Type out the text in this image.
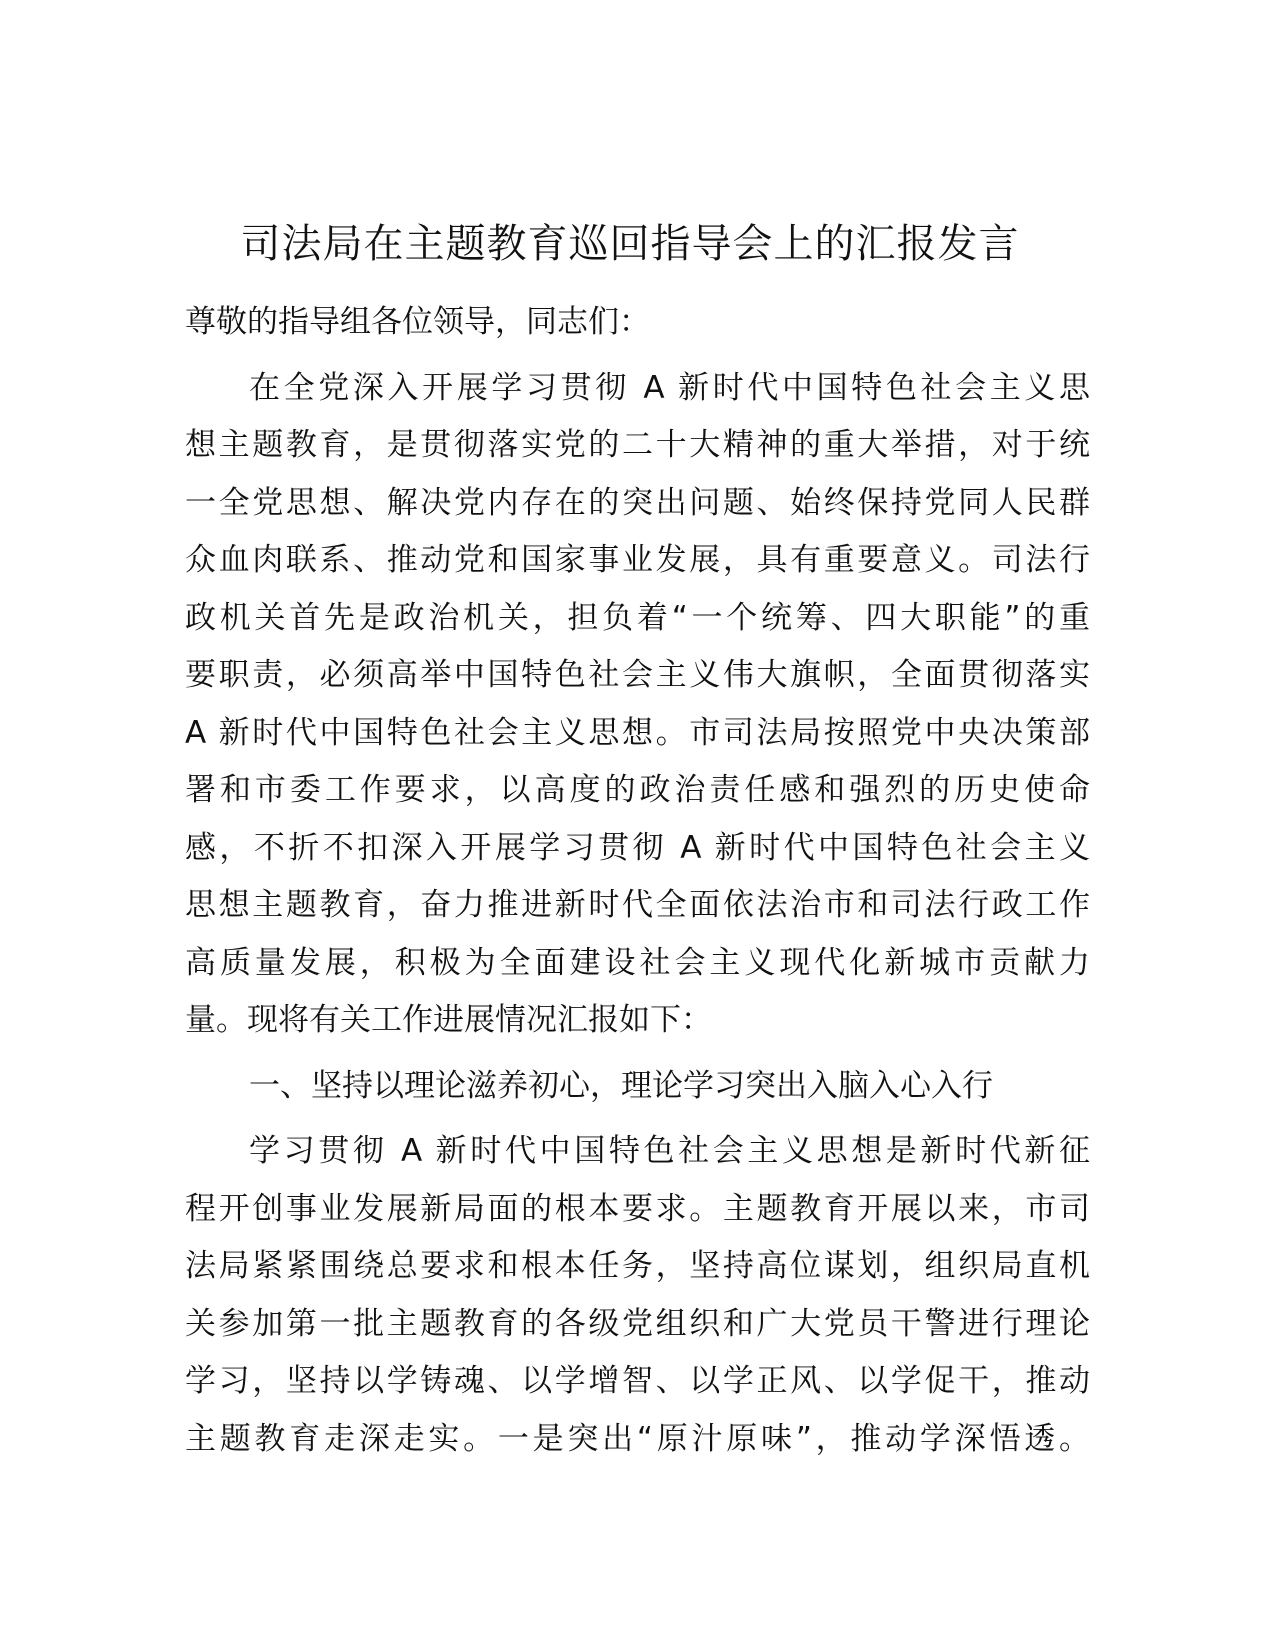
司法局在主题教育巡回指导会上的汇报发言
尊敬的指导组各位领导，同志们：
在全党深入开展学习贯彻 A 新时代中国特色社会主义思
想主题教育，是贯彻落实党的二十大精神的重大举措，对于统
一全党思想、解决党内存在的突出问题、始终保持党同人民群
众血肉联系、推动党和国家事业发展，具有重要意义。司法行
政机关首先是政治机关，担负着“一个统筹、四大职能”的重
要职责，必须高举中国特色社会主义伟大旗帜，全面贯彻落实
A 新时代中国特色社会主义思想。市司法局按照党中央决策部
署和市委工作要求，以高度的政治责任感和强烈的历史使命
感，不折不扣深入开展学习贯彻 A 新时代中国特色社会主义
思想主题教育，奋力推进新时代全面依法治市和司法行政工作
高质量发展，积极为全面建设社会主义现代化新城市贡献力
量。现将有关工作进展情况汇报如下：
一、坚持以理论滋养初心，理论学习突出入脑入心入行
学习贯彻 A 新时代中国特色社会主义思想是新时代新征
程开创事业发展新局面的根本要求。主题教育开展以来，市司
法局紧紧围绕总要求和根本任务，坚持高位谋划，组织局直机
关参加第一批主题教育的各级党组织和广大党员干警进行理论
学习，坚持以学铸魂、以学增智、以学正风、以学促干，推动
主题教育走深走实。一是突出“原汁原味”，推动学深悟透。
